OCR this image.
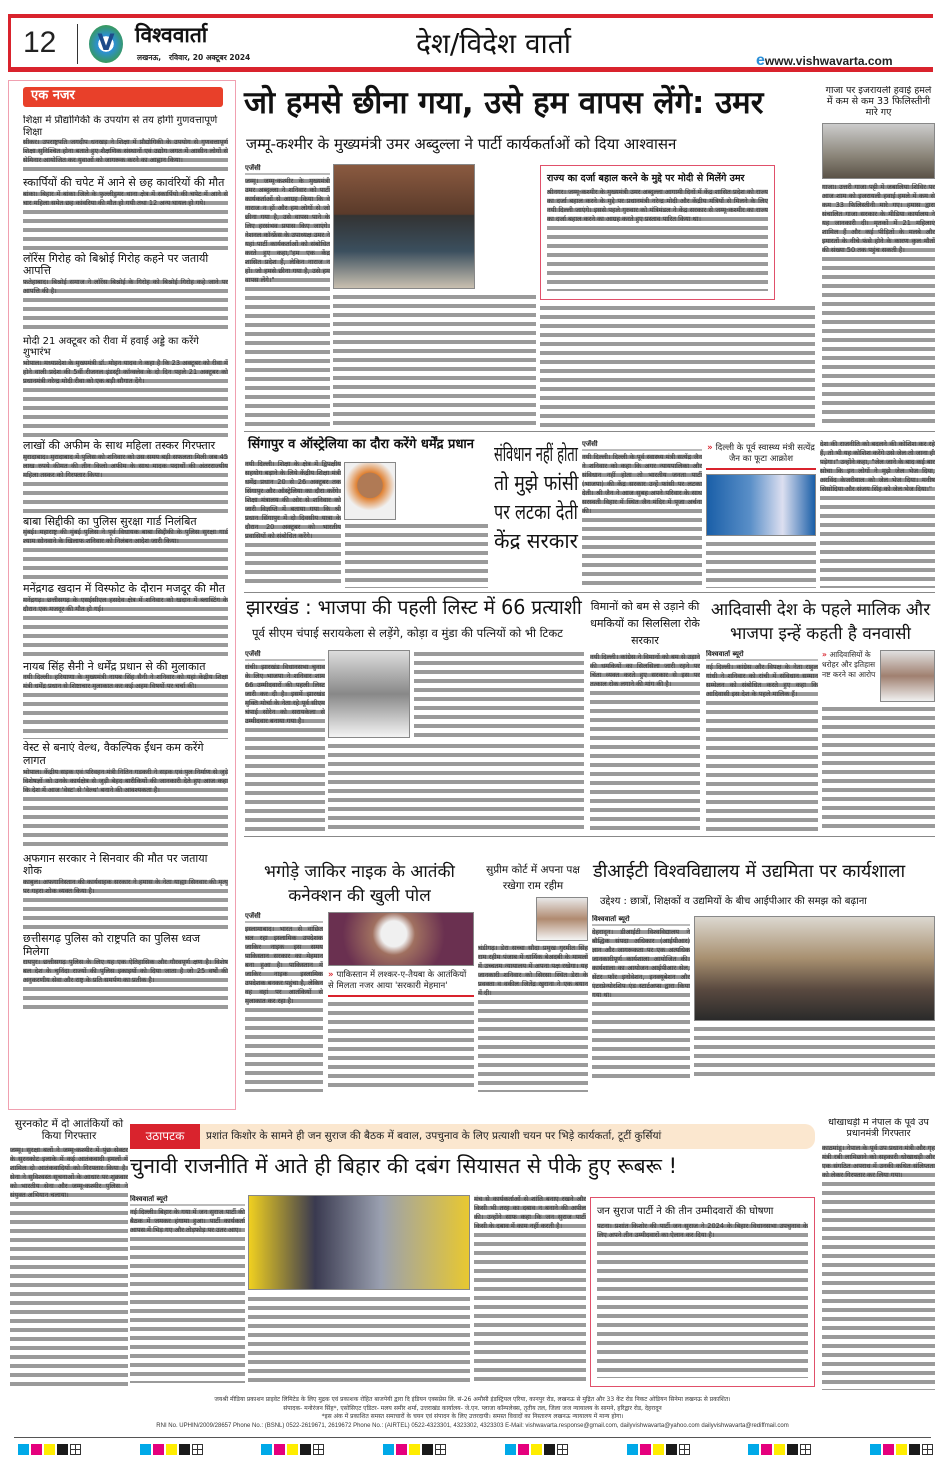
12	V विश्ववार्ता
लखनऊ,   रविवार, 20 अक्टूबर 2024	देश/विदेश वार्ता
ewww.vishwavarta.com
एक नजर
शिक्षा में प्रौद्योगिकी के उपयोग से तय होगी गुणवत्तापूर्ण शिक्षा
सीकर। उपराष्ट्रपति जगदीप धनखड़ ने शिक्षा में प्रौद्योगिकी के उपयोग से गुणवत्तापूर्ण शिक्षा सुनिश्चित होना बताते हुए शैक्षणिक संस्थानों एवं उद्योग जगत में आसीन लोगों से सेमिनार आयोजित कर युवाओं को जागरूक करने का आह्वान किया।
स्कार्पियों की चपेट में आने से छह कावंरियों की मौत
बांका। बिहार में बांका जिले के फुल्लीडुमर थाना क्षेत्र में स्कार्पियो की चपेट में आने से चार महिला समेत छह कांवरिया की मौत हो गयी तथा 12 अन्य घायल हो गये।
लॉरेंस गिरोह को बिश्नोई गिरोह कहने पर जतायी आपत्ति
फतेहाबाद। बिश्नोई समाज ने लॉरेंस बिश्नोई के गिरोह को बिश्नोई गिरोह कहे जाने पर आपत्ति की है।
मोदी 21 अक्टूबर को रीवा में हवाई अड्डे का करेंगे शुभारंभ
भोपाल। मध्यप्रदेश के मुख्यमंत्री डॉ. मोहन यादव ने कहा है कि 23 अक्टूबर को रीवा में होने वाली प्रदेश की 5वीं रीजनल इंडस्ट्री कॉन्क्लेव के दो दिन पहले 21 अक्टूबर को प्रधानमंत्री नरेन्द्र मोदी रीवा को एक बड़ी सौगात देंगे।
लाखों की अफीम के साथ महिला तस्कर गिरफ्तार
मुरादाबाद। मुरादाबाद में पुलिस को शनिवार को उस समय बड़ी सफलता मिली जब 45 लाख रुपये कीमत की तीन किलो अफीम के साथ मादक पदार्थों की अंतरराज्यीय महिला तस्कर को गिरफ्तार किया।
बाबा सिद्दीकी का पुलिस सुरक्षा गार्ड निलंबित
मुंबई। महाराष्ट्र की मुंबई पुलिस ने पूर्व विधायक बाबा सिद्दीकी के पुलिस सुरक्षा गार्ड श्याम सोनवाने के खिलाफ शनिवार को निलंबन आदेश जारी किया।
मनेंद्रगढ खदान में विस्फोट के दौरान मजदूर की मौत
मनेंद्रगढ़। छत्तीसगढ़ के एसईसीएल हसदेव क्षेत्र में शनिवार को खदान में ब्लास्टिंग के दौरान एक मजदूर की मौत हो गई।
नायब सिंह सैनी ने धर्मेंद्र प्रधान से की मुलाकात
नयी दिल्ली। हरियाणा के मुख्यमंत्री नायब सिंह सैनी ने शनिवार को यहां केंद्रीय शिक्षा मंत्री धर्मेंद्र प्रधान से शिष्टाचार मुलाकात कर कई अहम विषयों पर चर्चा की।
वेस्ट से बनाएं वेल्थ, वैकल्पिक ईंधन कम करेंगे लागत
भोपाल। केंद्रीय सड़क एवं परिवहन मंत्री नितिन गडकरी ने सड़क एवं पुल निर्माण से जुड़े विशेषज्ञों को उनके कार्यक्षेत्र से जुड़ी बेहद बारीकियों की जानकारी देते हुए आज कहा कि देश में आज 'वेस्ट' से 'वेल्थ' बनाने की आवश्यकता है।
अफगान सरकार ने सिनवार की मौत पर जताया शोक
काबुल। अफगानिस्तान की कार्यवाहक सरकार ने हमास के नेता याह्या सिनवार की मृत्यु पर गहरा शोक व्यक्त किया है।
छत्तीसगढ़ पुलिस को राष्ट्रपति का पुलिस ध्वज मिलेगा
रायपुर। छत्तीसगढ़ पुलिस के लिए यह एक ऐतिहासिक और गौरवपूर्ण क्षण है। विशेष बल देश के चुनिंदा राज्यों की पुलिस इकाइयों को दिया जाता है जो 25 वर्षों की अनुकरणीय सेवा और राष्ट्र के प्रति समर्पण का प्रतीक है।
जो हमसे छीना गया, उसे हम वापस लेंगे: उमर
जम्मू-कश्मीर के मुख्यमंत्री उमर अब्दुल्ला ने पार्टी कार्यकर्ताओं को दिया आश्वासन
एजेंसी
जम्मू। जम्मू-कश्मीर के मुख्यमंत्री उमर अब्दुल्ला ने शनिवार को पार्टी कार्यकर्ताओं से आग्रह किया कि वे नाराज न हों और हम लोगों से जो छीना गया है, उसे वापस पाने के लिए हरसंभव प्रयास किए जाएंगे। नेशनल कॉन्फ्रेंस के उपाध्यक्ष उमर ने यहां पार्टी कार्यकर्ताओं को संबोधित करते हुए कहा,"हम एक केंद्र शासित प्रदेश हैं, लेकिन नाराज न हों। जो हमसे छीना गया है, उसे हम वापस लेंगे।"
राज्य का दर्जा बहाल करने के मुद्दे पर मोदी से मिलेंगे उमर
श्रीनगर। जम्मू-कश्मीर के मुख्यमंत्री उमर अब्दुल्ला आगामी दिनों में केंद्र शासित प्रदेश को राज्य का दर्जा बहाल करने के मुद्दे पर प्रधानमंत्री नरेन्द्र मोदी और केंद्रीय मंत्रियों से मिलने के लिए नयी दिल्ली जाएंगे। इससे पहले गुरुवार को मंत्रिमंडल ने केंद्र सरकार से जम्मू-कश्मीर का राज्य का दर्जा बहाल करने का आग्रह करते हुए प्रस्ताव पारित किया था।
गाजा पर इजरायली हवाई हमले में कम से कम 33 फिलिस्तीनी मारे गए
गाजा। उत्तरी गाजा पट्टी में जबालिया शिविर पर आज शाम को इजरायली हवाई हमले में कम से कम 33 फिलिस्तीनी मारे गए। हमास द्वारा संचालित गाजा सरकार के मीडिया कार्यालय ने यह जानकारी दी। मृतकों में 21 महिलाएं शामिल हैं और कई पीड़ितों के मलबे और इमारतों के नीचे फंसे होने के कारण कुल मौतों की संख्या 50 तक पहुंच सकती है।
सिंगापुर व ऑस्ट्रेलिया का दौरा करेंगे धर्मेंद्र प्रधान
नयी दिल्ली। शिक्षा के क्षेत्र में द्विपक्षीय सहयोग बढ़ाने के लिये केंद्रीय शिक्षा मंत्री धर्मेंद्र प्रधान 20 से 26 अक्टूबर तक सिंगापुर और ऑस्ट्रेलिया का दौरा करेंगे। शिक्षा मंत्रालय की ओर से शनिवार को जारी विज्ञप्ति में बताया गया कि श्री प्रधान सिंगापुर में दो दिवसीय यात्रा के दौरान 20 अक्टूबर को भारतीय प्रवासियों को संबोधित करेंगे।
संविधान नहीं होता
तो मुझे फांसी
पर लटका देती
केंद्र सरकार
एजेंसी
नयी दिल्ली। दिल्ली के पूर्व स्वास्थ्य मंत्री सत्येंद्र जैन ने शनिवार को कहा कि अगर न्यायपालिका और संविधान नहीं होता तो भारतीय जनता पार्टी (भाजपा) की केंद्र सरकार उन्हें फांसी पर लटका देती। श्री जैन ने आज सुबह अपने परिवार के साथ सरस्वती विहार में स्थित जैन मंदिर में पूजा अर्चना की।
» दिल्ली के पूर्व स्वास्थ्य मंत्री सत्येंद्र जैन का फूटा आक्रोश
देश की राजनीति को बदलने की कोशिश कर रहे हैं, तो भी यह कोशिश करेंगे उसे जेल तो जाना ही पड़ेगा।" उन्होंने कहा, "जेल जाने के बाद कई बार सोचा कि इन लोगों ने मुझे जेल भेज दिया, अरविंद केजरीवाल को जेल भेज दिया। मनीष सिसोदिया और संजय सिंह को जेल भेज दिया।"
झारखंड : भाजपा की पहली लिस्ट में 66 प्रत्याशी
पूर्व सीएम चंपाई सरायकेला से लड़ेंगे, कोड़ा व मुंडा की पत्नियों को भी टिकट
एजेंसी
रांची। झारखंड विधानसभा चुनाव के लिए भाजपा ने शनिवार शाम 66 उम्मीदवारों की पहली लिस्ट जारी कर दी है। इसमें झारखंड मुक्ति मोर्चा के नेता रहे पूर्व सीएम चंपाई सोरेन को सरायकेला से उम्मीदवार बनाया गया है।
विमानों को बम से उड़ाने की धमकियों का सिलसिला रोके सरकार
नयी दिल्ली। कांग्रेस ने विमानों को बम से उड़ाने की धमकियों का सिलसिला जारी रहने पर चिंता व्यक्त करते हुए सरकार से इस पर तत्काल रोक लगाने की मांग की है।
आदिवासी देश के पहले मालिक और भाजपा इन्हें कहती है वनवासी
विश्ववार्ता ब्यूरो
नई दिल्ली। कांग्रेस और विपक्ष के नेता राहुल गांधी ने शनिवार को रांची में संविधान सम्मान सम्मेलन को संबोधित करते हुए कहा कि आदिवासी इस देश के पहले मालिक हैं।
» आदिवासियों के धरोहर और इतिहास नष्ट करने का आरोप
भगोड़े जाकिर नाइक के आतंकी कनेक्शन की खुली पोल
एजेंसी
इस्लामाबाद। भारत से वांछित चल रहा इस्लामिक उपदेशक जाकिर नाइक इस समय पाकिस्तान सरकार का मेहमान बना हुआ है। पाकिस्तान में जाकिर नाइक इस्लामिक उपदेशक बनकर पहुंचा है, लेकिन वह वहां पर आतंकियों से मुलाकात कर रहा है।
» पाकिस्तान में लश्कर-ए-तैयबा के आतंकियों से मिलता नजर आया 'सरकारी मेहमान'
सुप्रीम कोर्ट में अपना पक्ष रखेगा राम रहीम
चंडीगढ़। डेरा सच्चा सौदा प्रमुख गुरमीत सिंह राम रहीम पंजाब में धार्मिक बेअदबी के मामलों में उच्चतम न्यायालय में अपना पक्ष रखेगा। यह जानकारी शनिवार को सिरसा स्थित डेरा के प्रवक्ता व वकील जितेंद्र खुराना ने एक बयान में दी।
डीआईटी विश्वविद्यालय में उद्यमिता पर कार्यशाला
उद्देश्य : छात्रों, शिक्षकों व उद्यमियों के बीच आईपीआर की समझ को बढ़ाना
विश्ववार्ता ब्यूरो
देहरादून। डीआईटी विश्वविद्यालय ने बौद्धिक संपदा अधिकार (आईपीआर) ज्ञान और जागरूकता पर एक अत्यधिक जानकारीपूर्ण कार्यशाला आयोजित की। कार्यशाला का आयोजन आईपीआर सेल, सेंटर फॉर इनोवेशन, इनक्यूबेशन और एंटरप्रेन्योरशिप एंड स्टार्टअप्स द्वारा किया गया था।
सुरनकोट में दो आतंकियों को किया गिरफ्तार
जम्मू। सुरक्षा बलों ने जम्मू-कश्मीर में पुंछ सेक्टर के सुरनकोट इलाके में कई आतंकवादी हमलों में शामिल दो आतंकवादियों को गिरफ्तार किया है। सेना ने सुविश्वस्त सूचनाओं के आधार पर शुक्रवार को भारतीय सेना और जम्मू-कश्मीर पुलिस ने संयुक्त अभियान चलाया।
उठापटक	प्रशांत किशोर के सामने ही जन सुराज की बैठक में बवाल, उपचुनाव के लिए प्रत्याशी चयन पर भिड़े कार्यकर्ता, टूटीं कुर्सियां
चुनावी राजनीति में आते ही बिहार की दबंग सियासत से पीके हुए रूबरू !
विश्ववार्ता ब्यूरो
नई दिल्ली। बिहार के गया में जन सुराज पार्टी की बैठक में जमकर हंगामा हुआ। पार्टी कार्यकर्ता आपस में भिड़ गए और तोड़फोड़ पर उतर आए।
मंच से कार्यकर्ताओं से शांति बनाए रखने और किसी भी तरह का दबाव न बनाने की अपील की। उन्होंने साफ कहा कि जन सुराज पार्टी किसी के दबाव में काम नहीं करती है।
जन सुराज पार्टी ने की तीन उम्मीदवारों की घोषणा
पटना। प्रशांत किशोर की पार्टी जन सुराज ने 2024 के बिहार विधानसभा उपचुनाव के लिए अपने तीन उम्मीदवारों का ऐलान कर दिया है।
धोखाधड़ी में नेपाल के पूर्व उप प्रधानमंत्री गिरफ्तार
काठमांडू। नेपाल के पूर्व उप प्रधान मंत्री और गृह मंत्री रबी लामिछाने को सहकारी धोखाधड़ी और एक संगठित अपराध में उनकी कथित संलिप्तता को लेकर गिरफ्तार कर लिया गया।
जयश्री मीडिया प्रकाशन प्राइवेट लिमिटेड के लिए मुद्रक एवं प्रकाशक रोहित बाजपेयी द्वारा दि इंडियन एक्सप्रेस लि. सं-26 अमौसी इंडस्ट्रियल एरिया, कानपुर रोड, लखनऊ से मुद्रित और 33 केंट रोड निकट ओडियन सिनेमा लखनऊ से प्रकाशित।
संपादक- मनोरंजन सिंह*, एसोसिएट एडिटर- मलय समीर शर्मा, उत्तराखंड कार्यालय- जे.एन. प्लाजा कॉम्पलेक्स, तृतीय तल, जिला जज न्यायालय के सामने, हरिद्वार रोड, देहरादून
*इस अंक में प्रकाशित समस्त समाचारों के चयन एवं संपादन के लिए उत्तरदायी। समस्त विवादों का निस्तारण लखनऊ न्यायालय में मान्य होगा।
RNI No. UPHIN/2009/28657 Phone No.: (BSNL) 0522-2619671, 2619672 Phone No.: (AIRTEL) 0522-4323301, 4323302, 4323303 E-Mail: vishwavarta.response@gmail.com, dailyvishwavarta@yahoo.com dailyvishwavarta@rediffmail.com
